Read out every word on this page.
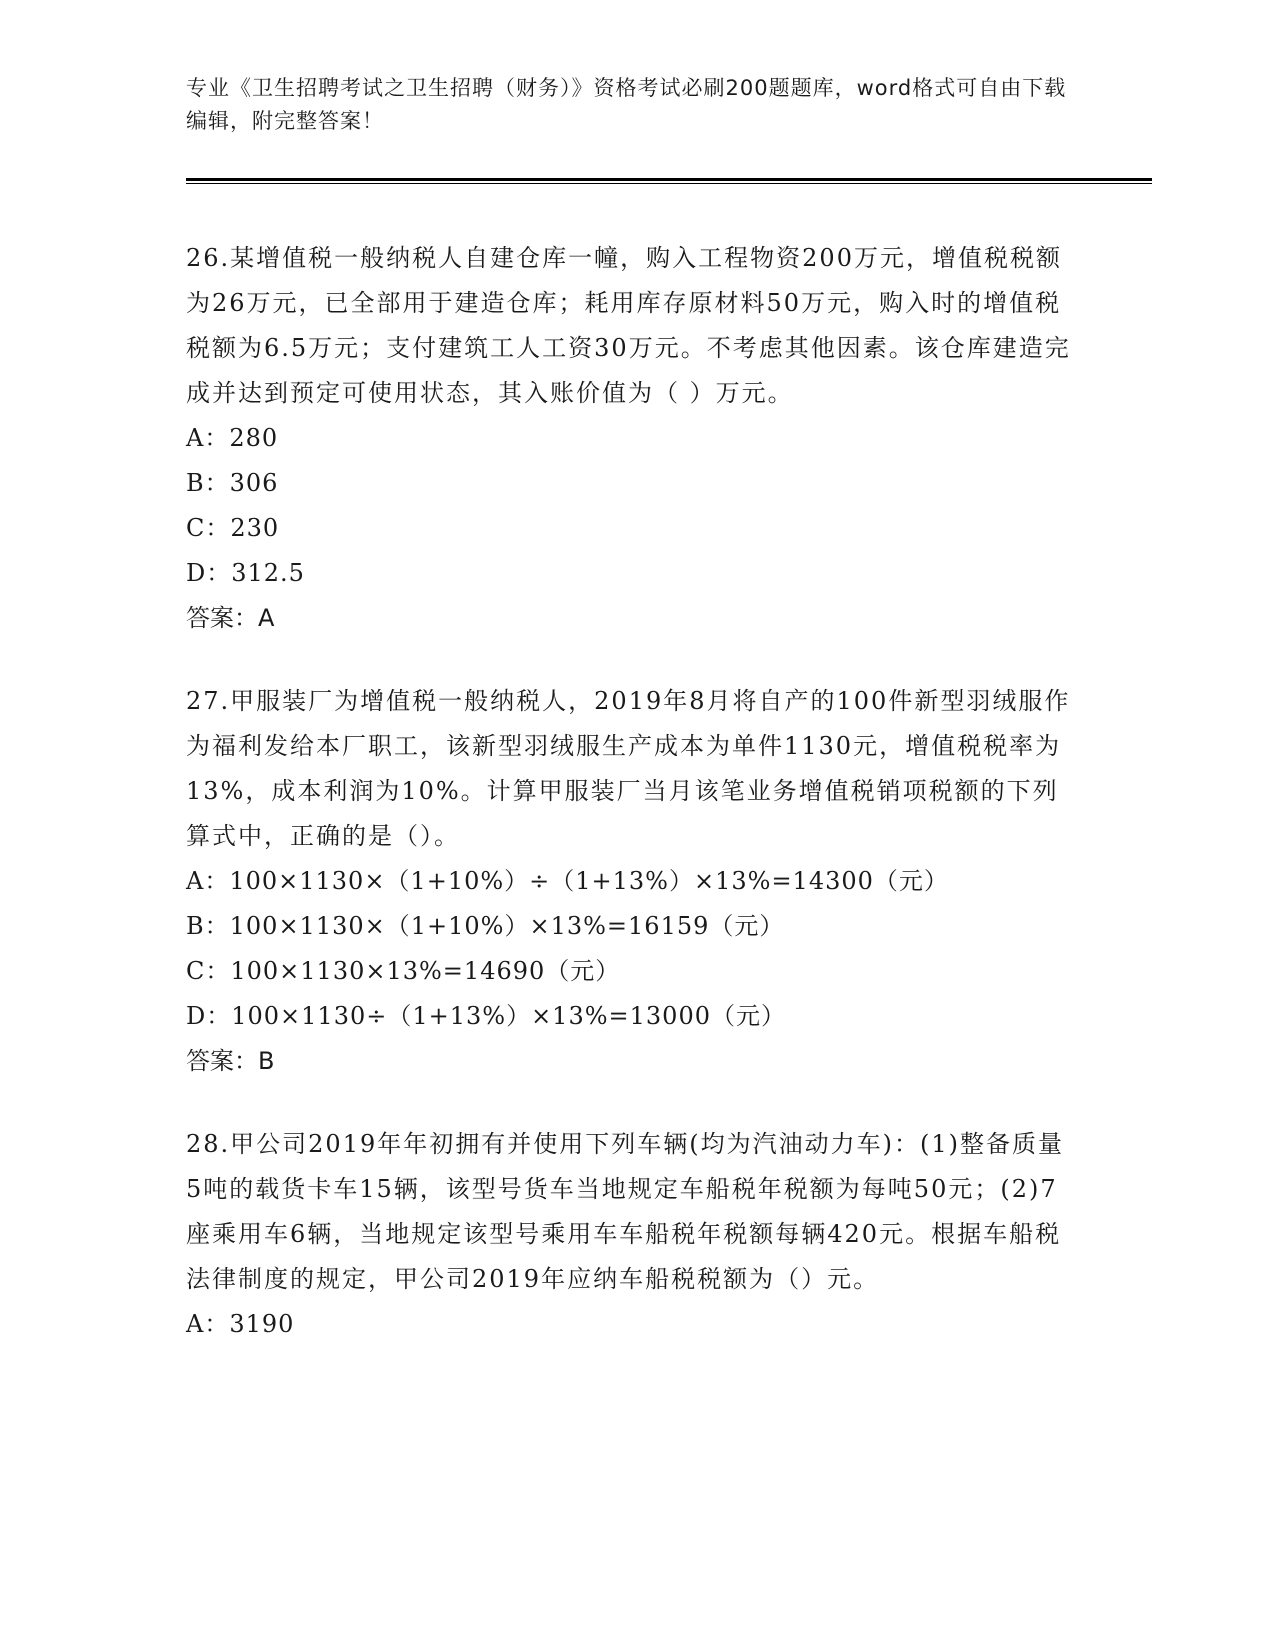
专业《卫生招聘考试之卫生招聘（财务）》资格考试必刷200题题库，word格式可自由下载编辑，附完整答案！

26.某增值税一般纳税人自建仓库一幢，购入工程物资200万元，增值税税额为26万元，已全部用于建造仓库；耗用库存原材料50万元，购入时的增值税税额为6.5万元；支付建筑工人工资30万元。不考虑其他因素。该仓库建造完成并达到预定可使用状态，其入账价值为（ ）万元。

A：280

B：306

C：230

D：312.5

答案：A

27.甲服装厂为增值税一般纳税人，2019年8月将自产的100件新型羽绒服作为福利发给本厂职工，该新型羽绒服生产成本为单件1130元，增值税税率为13%，成本利润为10%。计算甲服装厂当月该笔业务增值税销项税额的下列算式中，正确的是（）。

A：100×1130×（1+10%）÷（1+13%）×13%=14300（元）

B：100×1130×（1+10%）×13%=16159（元）

C：100×1130×13%=14690（元）

D：100×1130÷（1+13%）×13%=13000（元）

答案：B

28.甲公司2019年年初拥有并使用下列车辆(均为汽油动力车)：(1)整备质量5吨的载货卡车15辆，该型号货车当地规定车船税年税额为每吨50元；(2)7座乘用车6辆，当地规定该型号乘用车车船税年税额每辆420元。根据车船税法律制度的规定，甲公司2019年应纳车船税税额为（）元。

A：3190
